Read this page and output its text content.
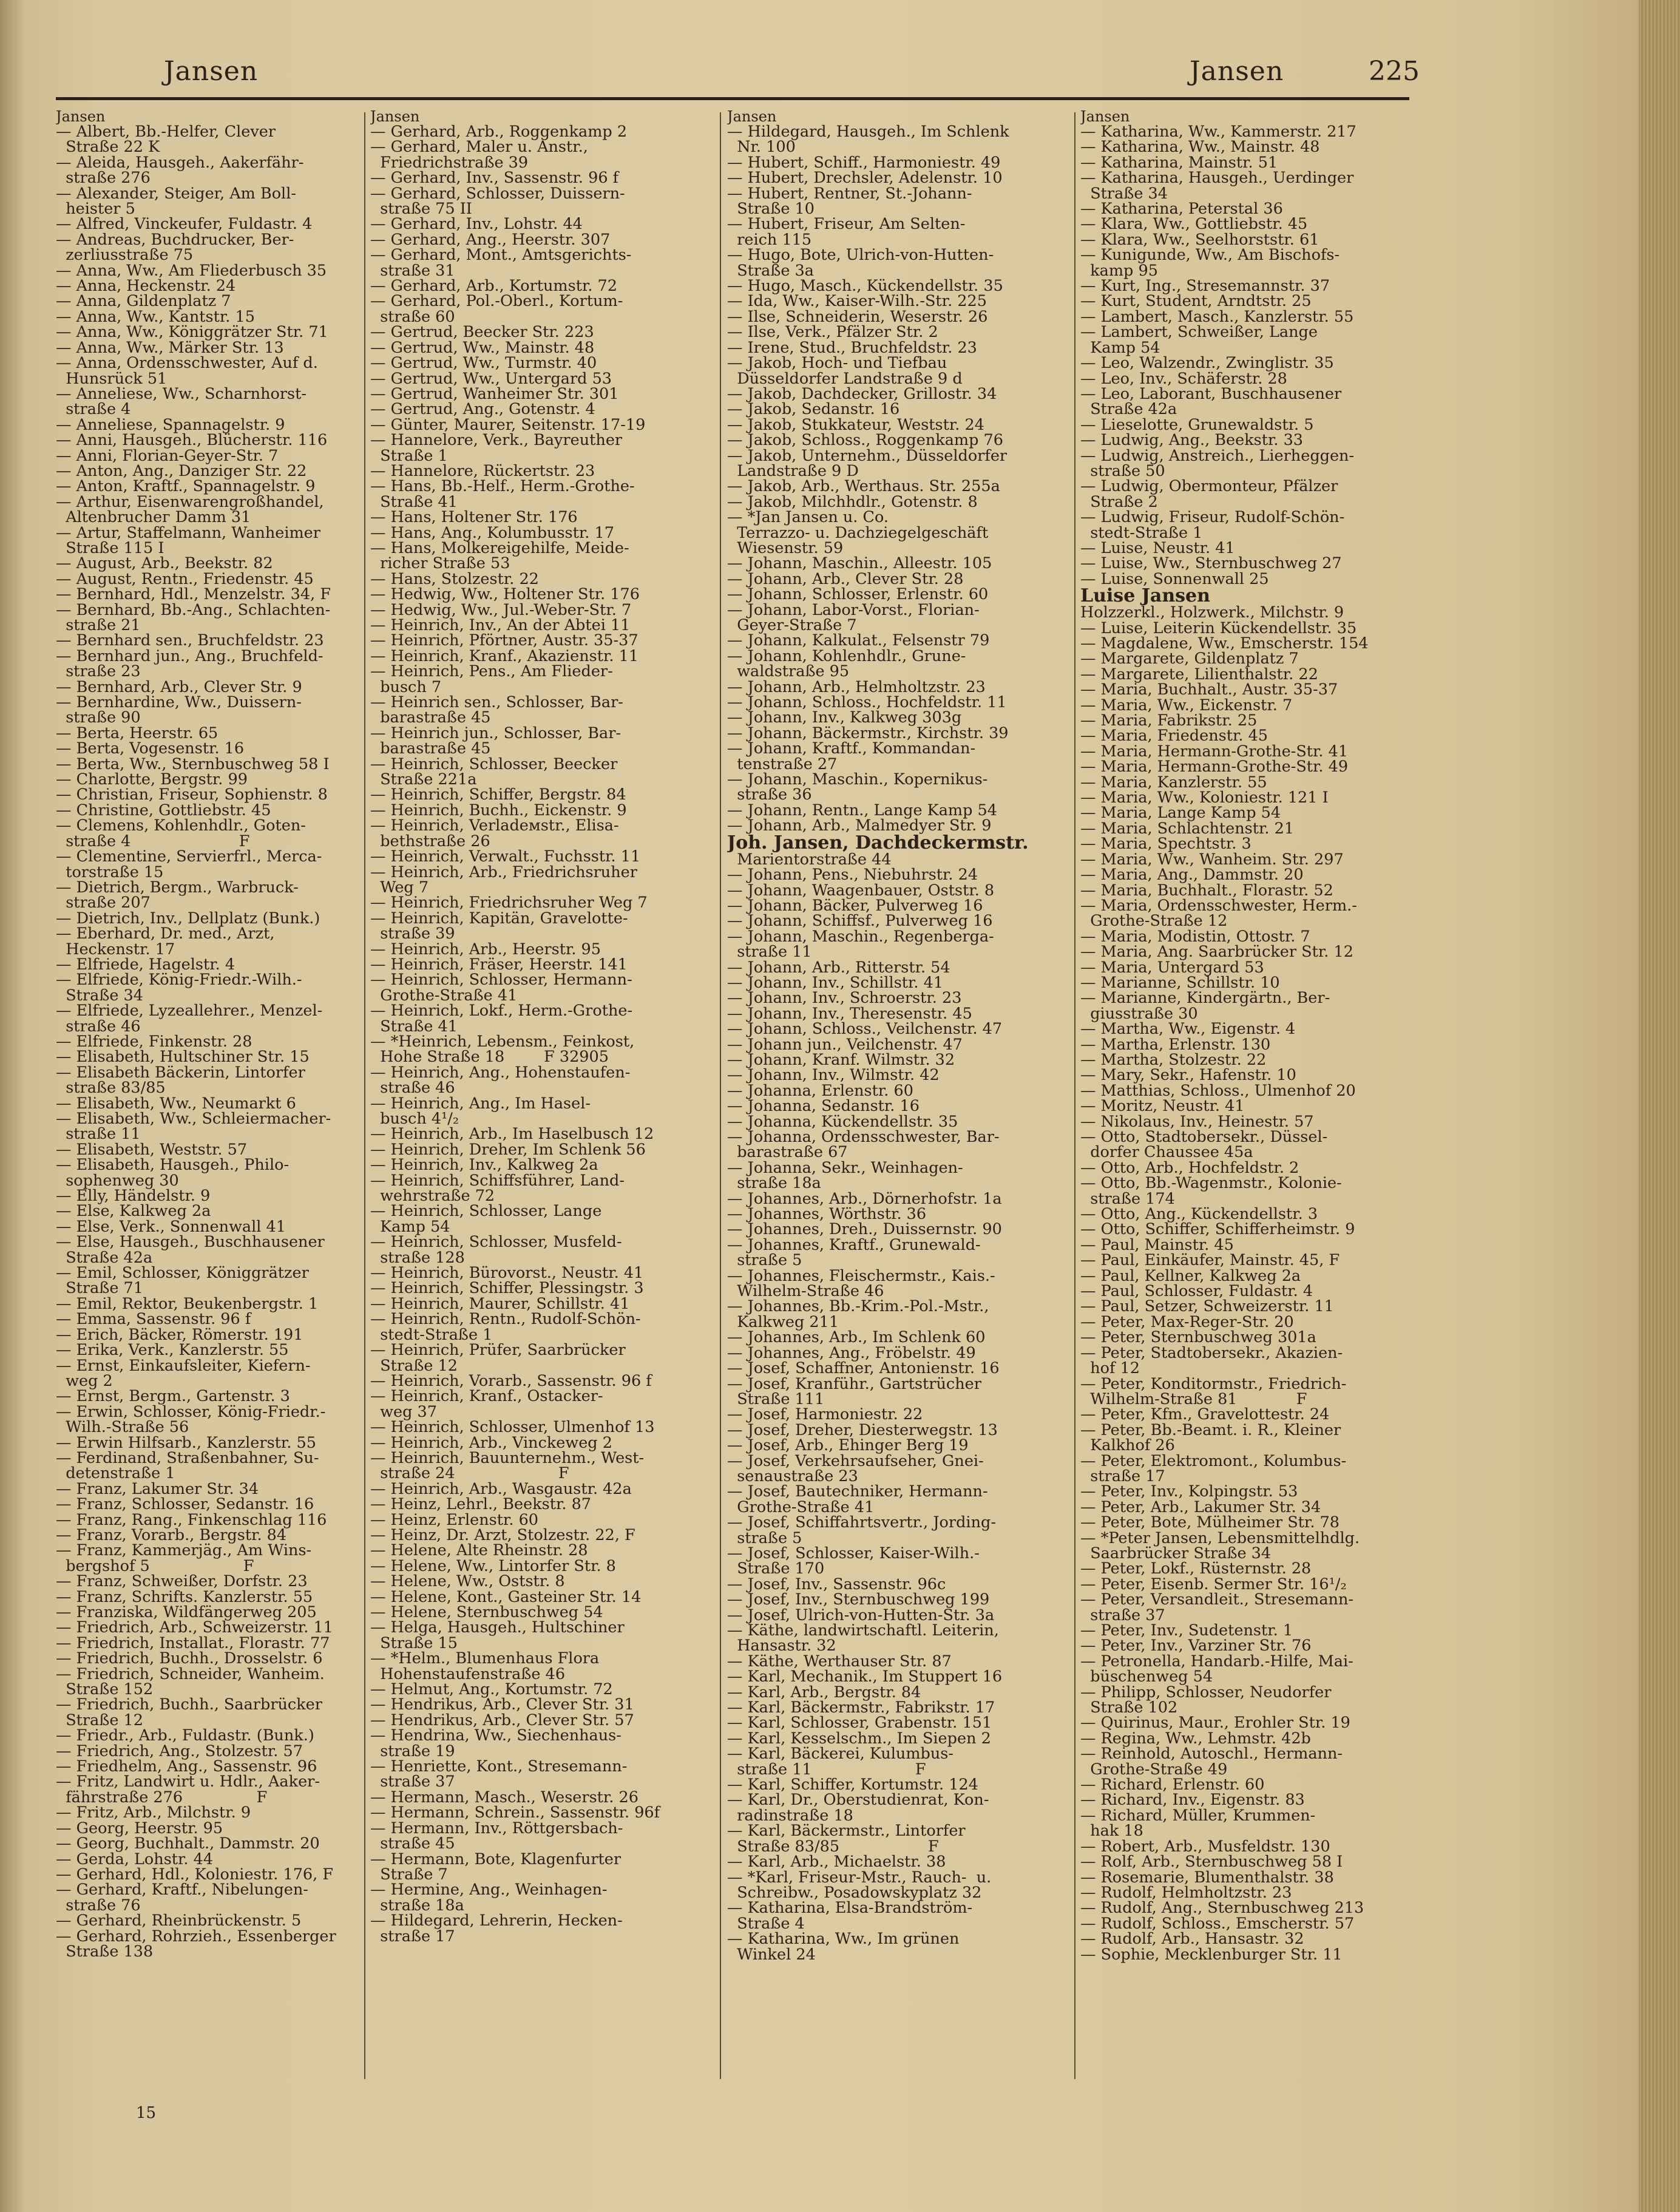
Jansen	Jansen	225
Jansen
— Albert, Bb.-Helfer, Clever
Straße 22 K
— Aleida, Hausgeh., Aakerfähr-
straße 276
— Alexander, Steiger, Am Boll-
heister 5
— Alfred, Vinckeufer, Fuldastr. 4
— Andreas, Buchdrucker, Ber-
zerliusstraße 75
— Anna, Ww., Am Fliederbusch 35
— Anna, Heckenstr. 24
— Anna, Gildenplatz 7
— Anna, Ww., Kantstr. 15
— Anna, Ww., Königgrätzer Str. 71
— Anna, Ww., Märker Str. 13
— Anna, Ordensschwester, Auf d.
Hunsrück 51
— Anneliese, Ww., Scharnhorst-
straße 4
— Anneliese, Spannagelstr. 9
— Anni, Hausgeh., Blücherstr. 116
— Anni, Florian-Geyer-Str. 7
— Anton, Ang., Danziger Str. 22
— Anton, Kraftf., Spannagelstr. 9
— Arthur, Eisenwarengroßhandel,
Altenbruchег Damm 31
— Artur, Staffelmann, Wanheimer
Straße 115 I
— August, Arb., Beekstr. 82
— August, Rentn., Friedenstr. 45
— Bernhard, Hdl., Menzelstr. 34, F
— Bernhard, Bb.-Ang., Schlachten-
straße 21
— Bernhard sen., Bruchfeldstr. 23
— Bernhard jun., Ang., Bruchfeld-
straße 23
— Bernhard, Arb., Clever Str. 9
— Bernhardine, Ww., Duissern-
straße 90
— Berta, Heerstr. 65
— Berta, Vogesenstr. 16
— Berta, Ww., Sternbuschweg 58 I
— Charlotte, Bergstr. 99
— Christian, Friseur, Sophienstr. 8
— Christine, Gottliebstr. 45
— Clemens, Kohlenhdlr., Goten-
straße 4                      F
— Clementine, Servierfrl., Merca-
torstraße 15
— Dietrich, Bergm., Warbruck-
straße 207
— Dietrich, Inv., Dellplatz (Bunk.)
— Eberhard, Dr. med., Arzt,
Heckenstr. 17
— Elfriede, Hagelstr. 4
— Elfriede, König-Friedr.-Wilh.-
Straße 34
— Elfriede, Lyzeallehrer., Menzel-
straße 46
— Elfriede, Finkenstr. 28
— Elisabeth, Hultschiner Str. 15
— Elisabeth Bäckerin, Lintorfer
straße 83/85
— Elisabeth, Ww., Neumarkt 6
— Elisabeth, Ww., Schleiermacher-
straße 11
— Elisabeth, Weststr. 57
— Elisabeth, Hausgeh., Philo-
sophenweg 30
— Elly, Händelstr. 9
— Else, Kalkweg 2a
— Else, Verk., Sonnenwall 41
— Else, Hausgeh., Buschhausener
Straße 42a
— Emil, Schlosser, Königgrätzer
Straße 71
— Emil, Rektor, Beukenbergstr. 1
— Emma, Sassenstr. 96 f
— Erich, Bäcker, Römerstr. 191
— Erika, Verk., Kanzlerstr. 55
— Ernst, Einkaufsleiter, Kiefern-
weg 2
— Ernst, Bergm., Gartenstr. 3
— Erwin, Schlosser, König-Friedr.-
Wilh.-Straße 56
— Erwin Hilfsarb., Kanzlerstr. 55
— Ferdinand, Straßenbahner, Su-
detenstraße 1
— Franz, Lakumer Str. 34
— Franz, Schlosser, Sedanstr. 16
— Franz, Rang., Finkenschlag 116
— Franz, Vorarb., Bergstr. 84
— Franz, Kammerjäg., Am Wins-
bergshof 5                   F
— Franz, Schweißer, Dorfstr. 23
— Franz, Schrifts. Kanzlerstr. 55
— Franziska, Wildfängerweg 205
— Friedrich, Arb., Schweizerstr. 11
— Friedrich, Installat., Florastr. 77
— Friedrich, Buchh., Drosselstr. 6
— Friedrich, Schneider, Wanheim.
Straße 152
— Friedrich, Buchh., Saarbrücker
Straße 12
— Friedr., Arb., Fuldastr. (Bunk.)
— Friedrich, Ang., Stolzestr. 57
— Friedhelm, Ang., Sassenstr. 96
— Fritz, Landwirt u. Hdlr., Aaker-
fährstraße 276               F
— Fritz, Arb., Milchstr. 9
— Georg, Heerstr. 95
— Georg, Buchhalt., Dammstr. 20
— Gerda, Lohstr. 44
— Gerhard, Hdl., Koloniestr. 176, F
— Gerhard, Kraftf., Nibelungen-
straße 76
— Gerhard, Rheinbrückenstr. 5
— Gerhard, Rohrzieh., Essenberger
Straße 138
Jansen
— Gerhard, Arb., Roggenkamp 2
— Gerhard, Maler u. Anstr.,
Friedrichstraße 39
— Gerhard, Inv., Sassenstr. 96 f
— Gerhard, Schlosser, Duissern-
straße 75 II
— Gerhard, Inv., Lohstr. 44
— Gerhard, Ang., Heerstr. 307
— Gerhard, Mont., Amtsgerichts-
straße 31
— Gerhard, Arb., Kortumstr. 72
— Gerhard, Pol.-Oberl., Kortum-
straße 60
— Gertrud, Beecker Str. 223
— Gertrud, Ww., Mainstr. 48
— Gertrud, Ww., Turmstr. 40
— Gertrud, Ww., Untergard 53
— Gertrud, Wanheimer Str. 301
— Gertrud, Ang., Gotenstr. 4
— Günter, Maurer, Seitenstr. 17-19
— Hannelore, Verk., Bayreuther
Straße 1
— Hannelore, Rückertstr. 23
— Hans, Bb.-Helf., Herm.-Grothe-
Straße 41
— Hans, Holtener Str. 176
— Hans, Ang., Kolumbusstr. 17
— Hans, Molkereigehilfe, Meide-
richer Straße 53
— Hans, Stolzestr. 22
— Hedwig, Ww., Holtener Str. 176
— Hedwig, Ww., Jul.-Weber-Str. 7
— Heinrich, Inv., An der Abtei 11
— Heinrich, Pförtner, Austr. 35-37
— Heinrich, Kranf., Akazienstr. 11
— Heinrich, Pens., Am Flieder-
busch 7
— Heinrich sen., Schlosser, Bar-
barastraße 45
— Heinrich jun., Schlosser, Bar-
barastraße 45
— Heinrich, Schlosser, Beecker
Straße 221a
— Heinrich, Schiffer, Bergstr. 84
— Heinrich, Buchh., Eickenstr. 9
— Heinrich, Verladемstr., Elisa-
bethstraße 26
— Heinrich, Verwalt., Fuchsstr. 11
— Heinrich, Arb., Friedrichsruher
Weg 7
— Heinrich, Friedrichsruher Weg 7
— Heinrich, Kapitän, Gravelotte-
straße 39
— Heinrich, Arb., Heerstr. 95
— Heinrich, Fräser, Heerstr. 141
— Heinrich, Schlosser, Hermann-
Grothe-Straße 41
— Heinrich, Lokf., Herm.-Grothe-
Straße 41
— *Heinrich, Lebensm., Feinkost,
Hohe Straße 18        F 32905
— Heinrich, Ang., Hohenstaufen-
straße 46
— Heinrich, Ang., Im Hasel-
busch 4¹/₂
— Heinrich, Arb., Im Haselbusch 12
— Heinrich, Dreher, Im Schlenk 56
— Heinrich, Inv., Kalkweg 2a
— Heinrich, Schiffsführer, Land-
wehrstraße 72
— Heinrich, Schlosser, Lange
Kamp 54
— Heinrich, Schlosser, Musfeld-
straße 128
— Heinrich, Bürovorst., Neustr. 41
— Heinrich, Schiffer, Plessingstr. 3
— Heinrich, Maurer, Schillstr. 41
— Heinrich, Rentn., Rudolf-Schön-
stedt-Straße 1
— Heinrich, Prüfer, Saarbrücker
Straße 12
— Heinrich, Vorarb., Sassenstr. 96 f
— Heinrich, Kranf., Ostacker-
weg 37
— Heinrich, Schlosser, Ulmenhof 13
— Heinrich, Arb., Vinckeweg 2
— Heinrich, Bauunternehm., West-
straße 24                     F
— Heinrich, Arb., Wasgaustr. 42a
— Heinz, Lehrl., Beekstr. 87
— Heinz, Erlenstr. 60
— Heinz, Dr. Arzt, Stolzestr. 22, F
— Helene, Alte Rheinstr. 28
— Helene, Ww., Lintorfer Str. 8
— Helene, Ww., Oststr. 8
— Helene, Kont., Gasteiner Str. 14
— Helene, Sternbuschweg 54
— Helga, Hausgeh., Hultschiner
Straße 15
— *Helm., Blumenhaus Flora
Hohenstaufenstraße 46
— Helmut, Ang., Kortumstr. 72
— Hendrikus, Arb., Clever Str. 31
— Hendrikus, Arb., Clever Str. 57
— Hendrina, Ww., Siechenhaus-
straße 19
— Henriette, Kont., Stresemann-
straße 37
— Hermann, Masch., Weserstr. 26
— Hermann, Schrein., Sassenstr. 96f
— Hermann, Inv., Röttgersbach-
straße 45
— Hermann, Bote, Klagenfurter
Straße 7
— Hermine, Ang., Weinhagen-
straße 18a
— Hildegard, Lehrerin, Hecken-
straße 17
Jansen
— Hildegard, Hausgeh., Im Schlenk
Nr. 100
— Hubert, Schiff., Harmoniestr. 49
— Hubert, Drechsler, Adelenstr. 10
— Hubert, Rentner, St.-Johann-
Straße 10
— Hubert, Friseur, Am Selten-
reich 115
— Hugo, Bote, Ulrich-von-Hutten-
Straße 3a
— Hugo, Masch., Kückendellstr. 35
— Ida, Ww., Kaiser-Wilh.-Str. 225
— Ilse, Schneiderin, Weserstr. 26
— Ilse, Verk., Pfälzer Str. 2
— Irene, Stud., Bruchfeldstr. 23
— Jakob, Hoch- und Tiefbau
Düsseldorfer Landstraße 9 d
— Jakob, Dachdecker, Grillostr. 34
— Jakob, Sedanstr. 16
— Jakob, Stukkateur, Weststr. 24
— Jakob, Schloss., Roggenkamp 76
— Jakob, Unternehm., Düsseldorfer
Landstraße 9 D
— Jakob, Arb., Werthaus. Str. 255a
— Jakob, Milchhdlr., Gotenstr. 8
— *Jan Jansen u. Co.
Terrazzo- u. Dachziegelgeschäft
Wiesenstr. 59
— Johann, Maschin., Alleestr. 105
— Johann, Arb., Clever Str. 28
— Johann, Schlosser, Erlenstr. 60
— Johann, Labor-Vorst., Florian-
Geyer-Straße 7
— Johann, Kalkulat., Felsenstr 79
— Johann, Kohlenhdlr., Grune-
waldstraße 95
— Johann, Arb., Helmholtzstr. 23
— Johann, Schloss., Hochfeldstr. 11
— Johann, Inv., Kalkweg 303g
— Johann, Bäckermstr., Kirchstr. 39
— Johann, Kraftf., Kommandan-
tenstraße 27
— Johann, Maschin., Kopernikus-
straße 36
— Johann, Rentn., Lange Kamp 54
— Johann, Arb., Malmedyer Str. 9
Joh. Jansen, Dachdeckermstr.
Marientorstraße 44
— Johann, Pens., Niebuhrstr. 24
— Johann, Waagenbauer, Oststr. 8
— Johann, Bäcker, Pulverweg 16
— Johann, Schiffsf., Pulverweg 16
— Johann, Maschin., Regenberga-
straße 11
— Johann, Arb., Ritterstr. 54
— Johann, Inv., Schillstr. 41
— Johann, Inv., Schroerstr. 23
— Johann, Inv., Theresenstr. 45
— Johann, Schloss., Veilchenstr. 47
— Johann jun., Veilchenstr. 47
— Johann, Kranf. Wilmstr. 32
— Johann, Inv., Wilmstr. 42
— Johanna, Erlenstr. 60
— Johanna, Sedanstr. 16
— Johanna, Kückendellstr. 35
— Johanna, Ordensschwester, Bar-
barastraße 67
— Johanna, Sekr., Weinhagen-
straße 18a
— Johannes, Arb., Dörnerhofstr. 1a
— Johannes, Wörthstr. 36
— Johannes, Dreh., Duissernstr. 90
— Johannes, Kraftf., Grunewald-
straße 5
— Johannes, Fleischermstr., Kais.-
Wilhelm-Straße 46
— Johannes, Bb.-Krim.-Pol.-Mstr.,
Kalkweg 211
— Johannes, Arb., Im Schlenk 60
— Johannes, Ang., Fröbelstr. 49
— Josef, Schaffner, Antonienstr. 16
— Josef, Kranführ., Gartstrücher
Straße 111
— Josef, Harmoniestr. 22
— Josef, Dreher, Diesterwegstr. 13
— Josef, Arb., Ehinger Berg 19
— Josef, Verkehrsaufseher, Gnei-
senaustraße 23
— Josef, Bautechniker, Hermann-
Grothe-Straße 41
— Josef, Schiffahrtsvertr., Jording-
straße 5
— Josef, Schlosser, Kaiser-Wilh.-
Straße 170
— Josef, Inv., Sassenstr. 96c
— Josef, Inv., Sternbuschweg 199
— Josef, Ulrich-von-Hutten-Str. 3a
— Käthe, landwirtschaftl. Leiterin,
Hansastr. 32
— Käthe, Werthauser Str. 87
— Karl, Mechanik., Im Stuppert 16
— Karl, Arb., Bergstr. 84
— Karl, Bäckermstr., Fabrikstr. 17
— Karl, Schlosser, Grabenstr. 151
— Karl, Kesselschm., Im Siepen 2
— Karl, Bäckerei, Kulumbus-
straße 11                     F
— Karl, Schiffer, Kortumstr. 124
— Karl, Dr., Oberstudienrat, Kon-
radinstraße 18
— Karl, Bäckermstr., Lintorfer
Straße 83/85                  F
— Karl, Arb., Michaelstr. 38
— *Karl, Friseur-Mstr., Rauch-  u.
Schreibw., Posadowskyplatz 32
— Katharina, Elsa-Brandström-
Straße 4
— Katharina, Ww., Im grünen
Winkel 24
Jansen
— Katharina, Ww., Kammerstr. 217
— Katharina, Ww., Mainstr. 48
— Katharina, Mainstr. 51
— Katharina, Hausgeh., Uerdinger
Straße 34
— Katharina, Peterstal 36
— Klara, Ww., Gottliebstr. 45
— Klara, Ww., Seelhorststr. 61
— Kunigunde, Ww., Am Bischofs-
kamp 95
— Kurt, Ing., Stresemannstr. 37
— Kurt, Student, Arndtstr. 25
— Lambert, Masch., Kanzlerstr. 55
— Lambert, Schweißer, Lange
Kamp 54
— Leo, Walzendr., Zwinglistr. 35
— Leo, Inv., Schäferstr. 28
— Leo, Laborant, Buschhausener
Straße 42a
— Lieselotte, Grunewaldstr. 5
— Ludwig, Ang., Beekstr. 33
— Ludwig, Anstreich., Lierheggen-
straße 50
— Ludwig, Obermonteur, Pfälzer
Straße 2
— Ludwig, Friseur, Rudolf-Schön-
stedt-Straße 1
— Luise, Neustr. 41
— Luise, Ww., Sternbuschweg 27
— Luise, Sonnenwall 25
Luise Jansen
Holzzerkl., Holzwerk., Milchstr. 9
— Luise, Leiterin Kückendellstr. 35
— Magdalene, Ww., Emscherstr. 154
— Margarete, Gildenplatz 7
— Margarete, Lilienthalstr. 22
— Maria, Buchhalt., Austr. 35-37
— Maria, Ww., Eickenstr. 7
— Maria, Fabrikstr. 25
— Maria, Friedenstr. 45
— Maria, Hermann-Grothe-Str. 41
— Maria, Hermann-Grothe-Str. 49
— Maria, Kanzlerstr. 55
— Maria, Ww., Koloniestr. 121 I
— Maria, Lange Kamp 54
— Maria, Schlachtenstr. 21
— Maria, Spechtstr. 3
— Maria, Ww., Wanheim. Str. 297
— Maria, Ang., Dammstr. 20
— Maria, Buchhalt., Florastr. 52
— Maria, Ordensschwester, Herm.-
Grothe-Straße 12
— Maria, Modistin, Ottostr. 7
— Maria, Ang. Saarbrücker Str. 12
— Maria, Untergard 53
— Marianne, Schillstr. 10
— Marianne, Kindergärtn., Ber-
giusstraße 30
— Martha, Ww., Eigenstr. 4
— Martha, Erlenstr. 130
— Martha, Stolzestr. 22
— Mary, Sekr., Hafenstr. 10
— Matthias, Schloss., Ulmenhof 20
— Moritz, Neustr. 41
— Nikolaus, Inv., Heinestr. 57
— Otto, Stadtobersekr., Düssel-
dorfer Chaussee 45a
— Otto, Arb., Hochfeldstr. 2
— Otto, Bb.-Wagenmstr., Kolonie-
straße 174
— Otto, Ang., Kückendellstr. 3
— Otto, Schiffer, Schifferheimstr. 9
— Paul, Mainstr. 45
— Paul, Einkäufer, Mainstr. 45, F
— Paul, Kellner, Kalkweg 2a
— Paul, Schlosser, Fuldastr. 4
— Paul, Setzer, Schweizerstr. 11
— Peter, Max-Reger-Str. 20
— Peter, Sternbuschweg 301a
— Peter, Stadtobersekr., Akazien-
hof 12
— Peter, Konditormstr., Friedrich-
Wilhelm-Straße 81            F
— Peter, Kfm., Gravelottestr. 24
— Peter, Bb.-Beamt. i. R., Kleiner
Kalkhof 26
— Peter, Elektromont., Kolumbus-
straße 17
— Peter, Inv., Kolpingstr. 53
— Peter, Arb., Lakumer Str. 34
— Peter, Bote, Mülheimer Str. 78
— *Peter Jansen, Lebensmittelhdlg.
Saarbrücker Straße 34
— Peter, Lokf., Rüsternstr. 28
— Peter, Eisenb. Sermer Str. 16¹/₂
— Peter, Versandleit., Stresemann-
straße 37
— Peter, Inv., Sudetenstr. 1
— Peter, Inv., Varziner Str. 76
— Petronella, Handarb.-Hilfe, Mai-
büschenweg 54
— Philipp, Schlosser, Neudorfer
Straße 102
— Quirinus, Maur., Erohler Str. 19
— Regina, Ww., Lehmstr. 42b
— Reinhold, Autoschl., Hermann-
Grothe-Straße 49
— Richard, Erlenstr. 60
— Richard, Inv., Eigenstr. 83
— Richard, Müller, Krummen-
hak 18
— Robert, Arb., Musfeldstr. 130
— Rolf, Arb., Sternbuschweg 58 I
— Rosemarie, Blumenthalstr. 38
— Rudolf, Helmholtzstr. 23
— Rudolf, Ang., Sternbuschweg 213
— Rudolf, Schloss., Emscherstr. 57
— Rudolf, Arb., Hansastr. 32
— Sophie, Mecklenburger Str. 11
15
